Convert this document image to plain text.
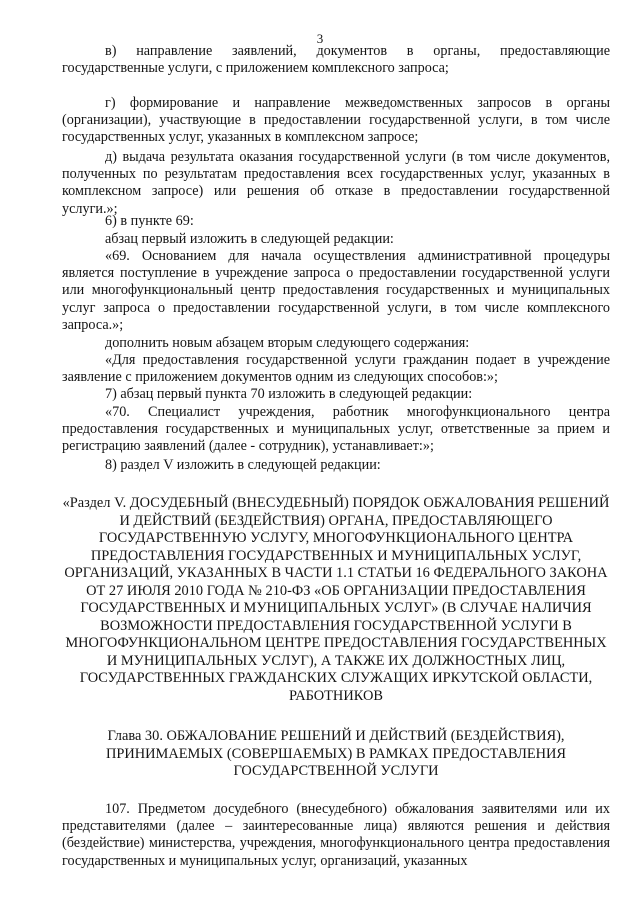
3

в) направление заявлений, документов в органы, предоставляющие государственные услуги, с приложением комплексного запроса;

г) формирование и направление межведомственных запросов в органы (организации), участвующие в предоставлении государственной услуги, в том числе государственных услуг, указанных в комплексном запросе;

д) выдача результата оказания государственной услуги (в том числе документов, полученных по результатам предоставления всех государственных услуг, указанных в комплексном запросе) или решения об отказе в предоставлении государственной услуги.»;

6) в пункте 69:

абзац первый изложить в следующей редакции:

«69. Основанием для начала осуществления административной процедуры является поступление в учреждение запроса о предоставлении государственной услуги или многофункциональный центр предоставления государственных и муниципальных услуг запроса о предоставлении государственной услуги, в том числе комплексного запроса.»;

дополнить новым абзацем вторым следующего содержания:

«Для предоставления государственной услуги гражданин подает в учреждение заявление с приложением документов одним из следующих способов:»;

7) абзац первый пункта 70 изложить в следующей редакции:

«70. Специалист учреждения, работник многофункционального центра предоставления государственных и муниципальных услуг, ответственные за прием и регистрацию заявлений (далее - сотрудник), устанавливает:»;

8) раздел V изложить в следующей редакции:

«Раздел V. ДОСУДЕБНЫЙ (ВНЕСУДЕБНЫЙ) ПОРЯДОК ОБЖАЛОВАНИЯ РЕШЕНИЙ И ДЕЙСТВИЙ (БЕЗДЕЙСТВИЯ) ОРГАНА, ПРЕДОСТАВЛЯЮЩЕГО ГОСУДАРСТВЕННУЮ УСЛУГУ, МНОГОФУНКЦИОНАЛЬНОГО ЦЕНТРА ПРЕДОСТАВЛЕНИЯ ГОСУДАРСТВЕННЫХ И МУНИЦИПАЛЬНЫХ УСЛУГ, ОРГАНИЗАЦИЙ, УКАЗАННЫХ В ЧАСТИ 1.1 СТАТЬИ 16 ФЕДЕРАЛЬНОГО ЗАКОНА ОТ 27 ИЮЛЯ 2010 ГОДА № 210-ФЗ «ОБ ОРГАНИЗАЦИИ ПРЕДОСТАВЛЕНИЯ ГОСУДАРСТВЕННЫХ И МУНИЦИПАЛЬНЫХ УСЛУГ» (В СЛУЧАЕ НАЛИЧИЯ ВОЗМОЖНОСТИ ПРЕДОСТАВЛЕНИЯ ГОСУДАРСТВЕННОЙ УСЛУГИ В МНОГОФУНКЦИОНАЛЬНОМ ЦЕНТРЕ ПРЕДОСТАВЛЕНИЯ ГОСУДАРСТВЕННЫХ И МУНИЦИПАЛЬНЫХ УСЛУГ), А ТАКЖЕ ИХ ДОЛЖНОСТНЫХ ЛИЦ, ГОСУДАРСТВЕННЫХ ГРАЖДАНСКИХ СЛУЖАЩИХ ИРКУТСКОЙ ОБЛАСТИ, РАБОТНИКОВ

Глава 30. ОБЖАЛОВАНИЕ РЕШЕНИЙ И ДЕЙСТВИЙ (БЕЗДЕЙСТВИЯ), ПРИНИМАЕМЫХ (СОВЕРШАЕМЫХ) В РАМКАХ ПРЕДОСТАВЛЕНИЯ ГОСУДАРСТВЕННОЙ УСЛУГИ

107. Предметом досудебного (внесудебного) обжалования заявителями или их представителями (далее – заинтересованные лица) являются решения и действия (бездействие) министерства, учреждения, многофункционального центра предоставления государственных и муниципальных услуг, организаций, указанных
